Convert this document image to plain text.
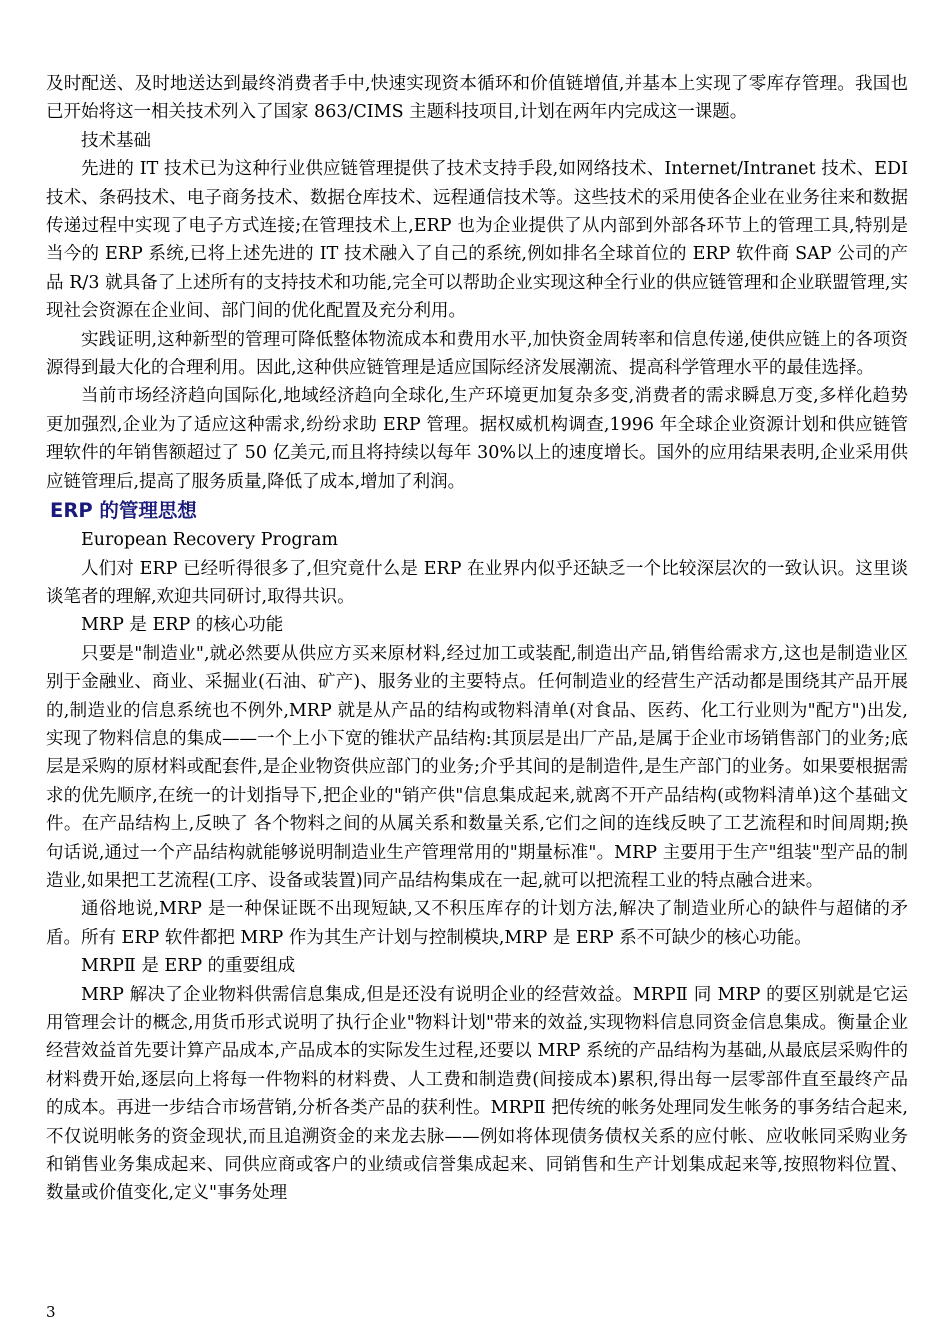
及时配送、及时地送达到最终消费者手中,快速实现资本循环和价值链增值,并基本上实现了零库存管理。我国也已开始将这一相关技术列入了国家 863/CIMS 主题科技项目,计划在两年内完成这一课题。

技术基础

先进的 IT 技术已为这种行业供应链管理提供了技术支持手段,如网络技术、Internet/Intranet 技术、EDI 技术、条码技术、电子商务技术、数据仓库技术、远程通信技术等。这些技术的采用使各企业在业务往来和数据传递过程中实现了电子方式连接;在管理技术上,ERP 也为企业提供了从内部到外部各环节上的管理工具,特别是当今的 ERP 系统,已将上述先进的 IT 技术融入了自己的系统,例如排名全球首位的 ERP 软件商 SAP 公司的产品 R/3 就具备了上述所有的支持技术和功能,完全可以帮助企业实现这种全行业的供应链管理和企业联盟管理,实现社会资源在企业间、部门间的优化配置及充分利用。

实践证明,这种新型的管理可降低整体物流成本和费用水平,加快资金周转率和信息传递,使供应链上的各项资源得到最大化的合理利用。因此,这种供应链管理是适应国际经济发展潮流、提高科学管理水平的最佳选择。

当前市场经济趋向国际化,地域经济趋向全球化,生产环境更加复杂多变,消费者的需求瞬息万变,多样化趋势更加强烈,企业为了适应这种需求,纷纷求助 ERP 管理。据权威机构调查,1996 年全球企业资源计划和供应链管理软件的年销售额超过了 50 亿美元,而且将持续以每年 30%以上的速度增长。国外的应用结果表明,企业采用供应链管理后,提高了服务质量,降低了成本,增加了利润。

ERP 的管理思想

European Recovery Program

人们对 ERP 已经听得很多了,但究竟什么是 ERP 在业界内似乎还缺乏一个比较深层次的一致认识。这里谈谈笔者的理解,欢迎共同研讨,取得共识。

MRP 是 ERP 的核心功能

只要是"制造业",就必然要从供应方买来原材料,经过加工或装配,制造出产品,销售给需求方,这也是制造业区别于金融业、商业、采掘业(石油、矿产)、服务业的主要特点。任何制造业的经营生产活动都是围绕其产品开展的,制造业的信息系统也不例外,MRP 就是从产品的结构或物料清单(对食品、医药、化工行业则为"配方")出发,实现了物料信息的集成——一个上小下宽的锥状产品结构:其顶层是出厂产品,是属于企业市场销售部门的业务;底层是采购的原材料或配套件,是企业物资供应部门的业务;介乎其间的是制造件,是生产部门的业务。如果要根据需求的优先顺序,在统一的计划指导下,把企业的"销产供"信息集成起来,就离不开产品结构(或物料清单)这个基础文件。在产品结构上,反映了 各个物料之间的从属关系和数量关系,它们之间的连线反映了工艺流程和时间周期;换句话说,通过一个产品结构就能够说明制造业生产管理常用的"期量标准"。MRP 主要用于生产"组装"型产品的制造业,如果把工艺流程(工序、设备或装置)同产品结构集成在一起,就可以把流程工业的特点融合进来。

通俗地说,MRP 是一种保证既不出现短缺,又不积压库存的计划方法,解决了制造业所心的缺件与超储的矛盾。所有 ERP 软件都把 MRP 作为其生产计划与控制模块,MRP 是 ERP 系不可缺少的核心功能。

MRPⅡ 是 ERP 的重要组成

MRP 解决了企业物料供需信息集成,但是还没有说明企业的经营效益。MRPⅡ 同 MRP 的要区别就是它运用管理会计的概念,用货币形式说明了执行企业"物料计划"带来的效益,实现物料信息同资金信息集成。衡量企业经营效益首先要计算产品成本,产品成本的实际发生过程,还要以 MRP 系统的产品结构为基础,从最底层采购件的材料费开始,逐层向上将每一件物料的材料费、人工费和制造费(间接成本)累积,得出每一层零部件直至最终产品的成本。再进一步结合市场营销,分析各类产品的获利性。MRPⅡ 把传统的帐务处理同发生帐务的事务结合起来,不仅说明帐务的资金现状,而且追溯资金的来龙去脉——例如将体现债务债权关系的应付帐、应收帐同采购业务和销售业务集成起来、同供应商或客户的业绩或信誉集成起来、同销售和生产计划集成起来等,按照物料位置、数量或价值变化,定义"事务处理

3
